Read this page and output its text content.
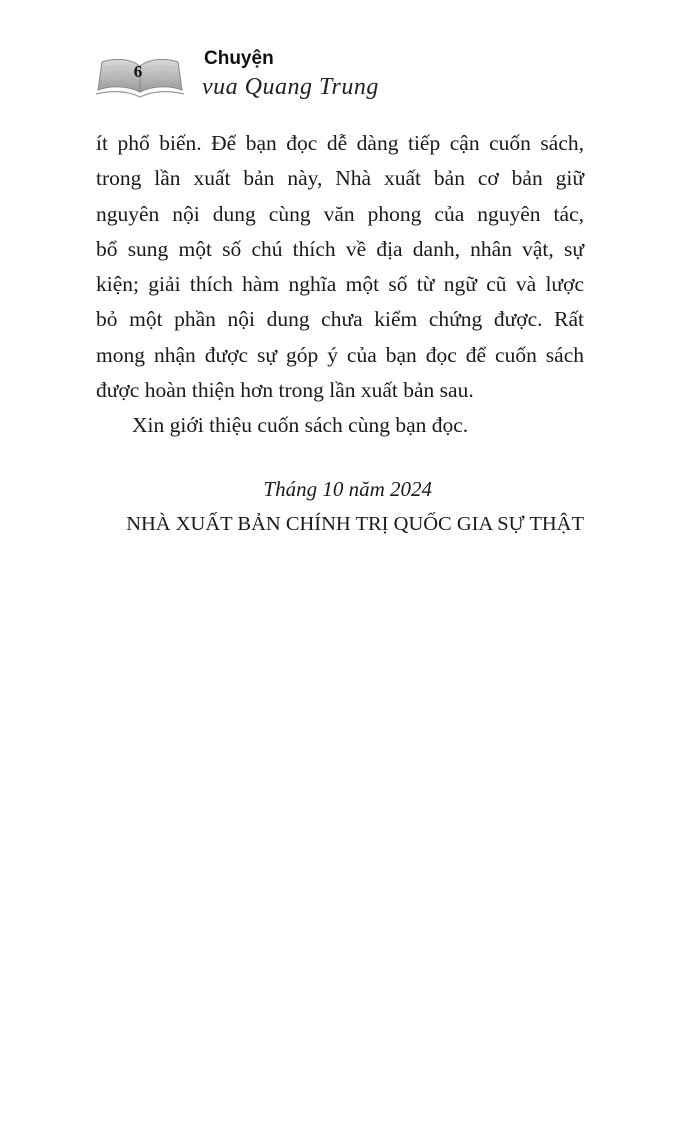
6
Chuyện
vua Quang Trung
ít phổ biến. Để bạn đọc dễ dàng tiếp cận cuốn sách,
trong lần xuất bản này, Nhà xuất bản cơ bản giữ
nguyên nội dung cùng văn phong của nguyên tác,
bổ sung một số chú thích về địa danh, nhân vật, sự
kiện; giải thích hàm nghĩa một số từ ngữ cũ và lược
bỏ một phần nội dung chưa kiểm chứng được. Rất
mong nhận được sự góp ý của bạn đọc để cuốn sách
được hoàn thiện hơn trong lần xuất bản sau.
Xin giới thiệu cuốn sách cùng bạn đọc.
Tháng 10 năm 2024
NHÀ XUẤT BẢN CHÍNH TRỊ QUỐC GIA SỰ THẬT
